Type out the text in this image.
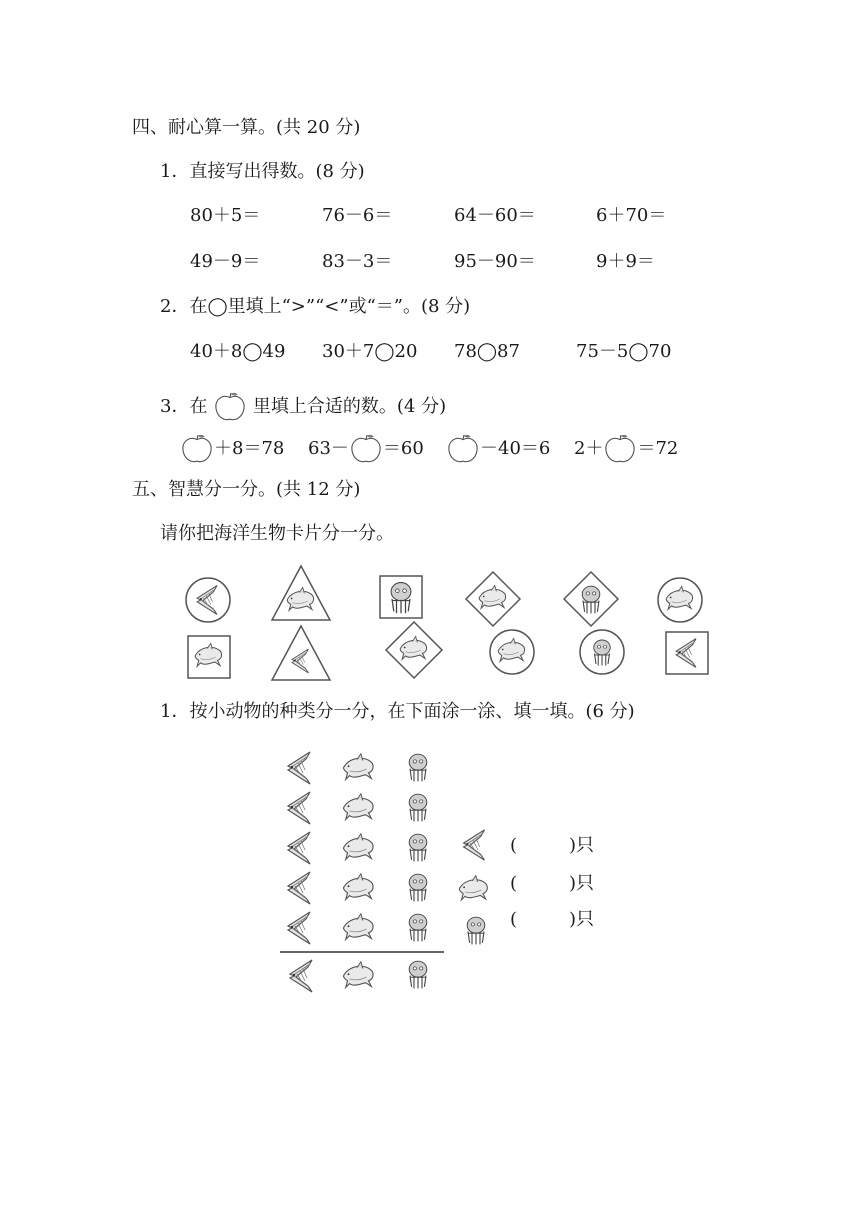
四、耐心算一算。(共 20 分)
1．直接写出得数。(8 分)
80＋5＝	76－6＝	64－60＝	6＋70＝
49－9＝	83－3＝	95－90＝	9＋9＝
2．在◯里填上“>”“<”或“＝”。(8 分)
40＋8◯49 30＋7◯20 78◯87	75－5◯70
3．在	里填上合适的数。(4 分)
＋8＝78 63－ ＝60	－40＝6 2＋ ＝72
五、智慧分一分。(共 12 分)
请你把海洋生物卡片分一分。
1．按小动物的种类分一分，在下面涂一涂、填一填。(6 分)
(	)只
(	)只
(	)只
